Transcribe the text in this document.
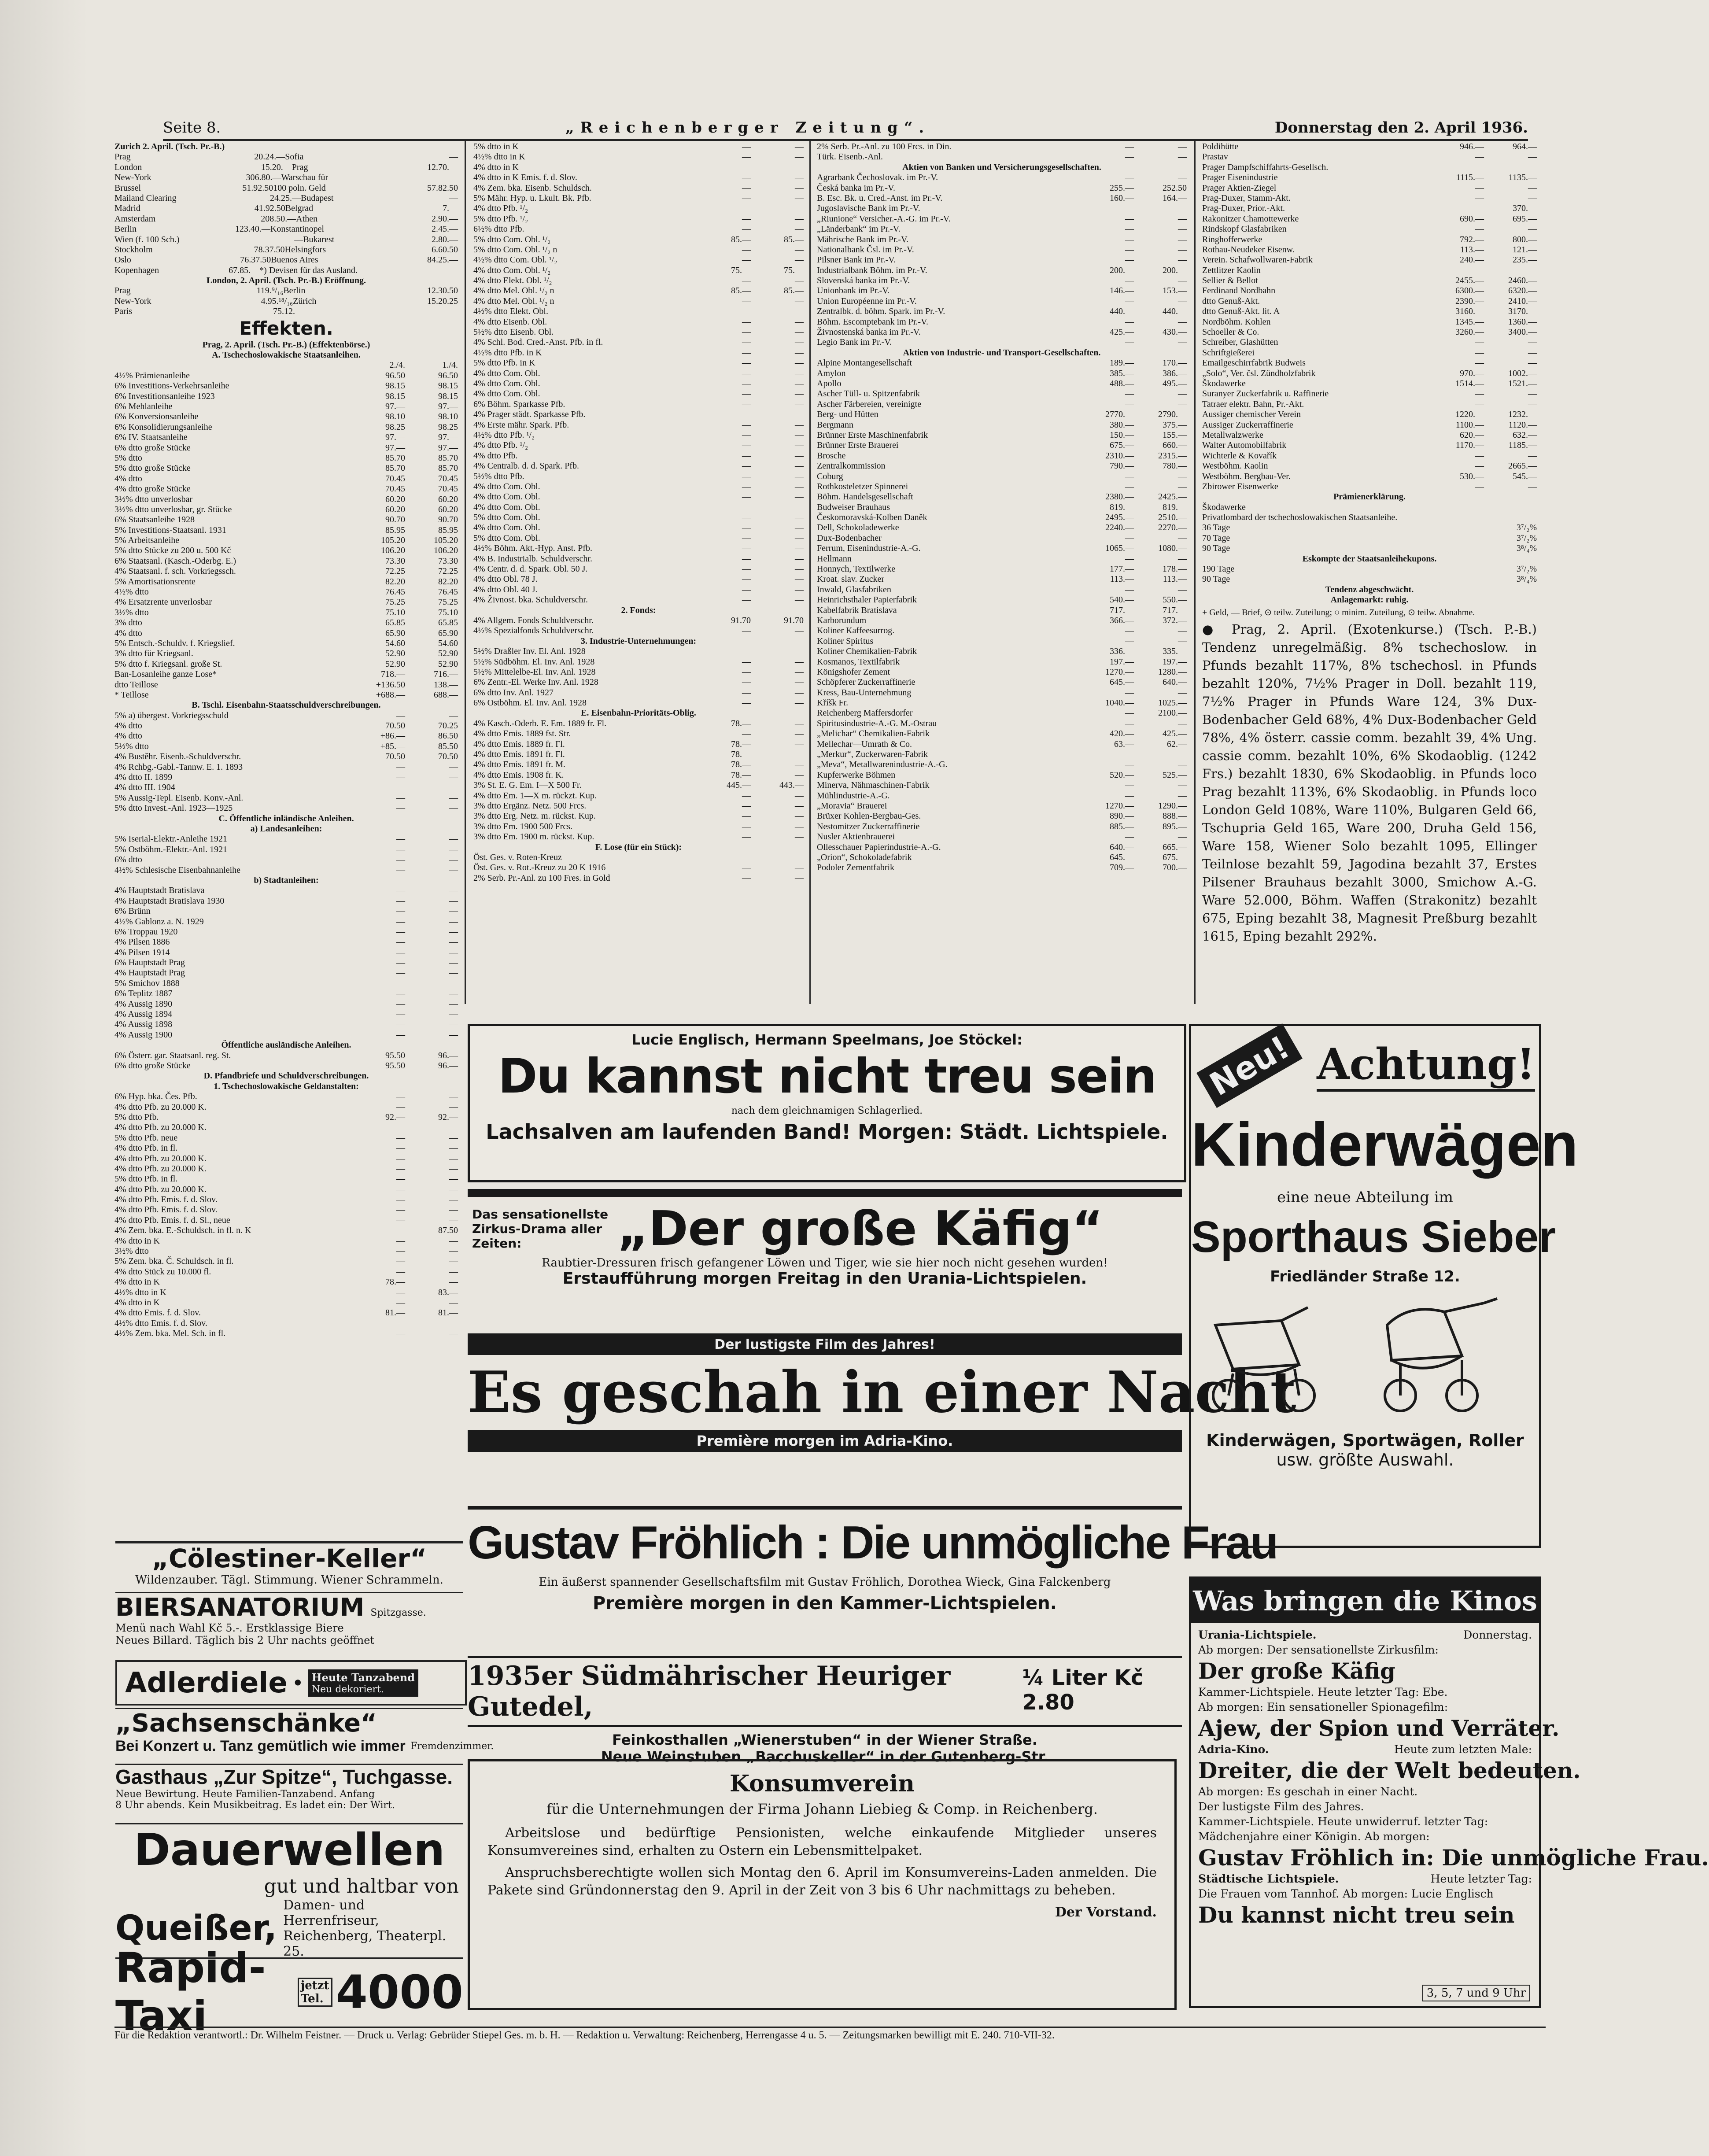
Seite 8.	„Reichenberger Zeitung“.	Donnerstag den 2. April 1936.
Zurich 2. April. (Tsch. Pr.-B.)
Prag	20.24.— Sofia	—
London	15.20.— Prag	12.70.—
New-York	306.80.— Warschau für
Brussel	51.92.50 100 poln. Geld	57.82.50
Mailand Clearing	24.25.— Budapest	—
Madrid	41.92.50 Belgrad	7.—
Amsterdam	208.50.— Athen	2.90.—
Berlin	123.40.— Konstantinopel	2.45.—
Wien (f. 100 Sch.)	— Bukarest	2.80.—
Stockholm	78.37.50 Helsingfors	6.60.50
Oslo	76.37.50 Buenos Aires	84.25.—
Kopenhagen	67.85.— *) Devisen für das Ausland.
London, 2. April. (Tsch. Pr.-B.) Eröffnung.
Prag	119.⁹/₁₆ Berlin	12.30.50
New-York	4.95.¹⁸/₁₆ Zürich	15.20.25
Paris	75.12.
Effekten.
Prag, 2. April. (Tsch. Pr.-B.) (Effektenbörse.)
A. Tschechoslowakische Staatsanleihen.
2./4.	1./4.
4½% Prämienanleihe	96.50	96.50
6% Investitions-Verkehrsanleihe	98.15	98.15
6% Investitionsanleihe 1923	98.15	98.15
6% Mehlanleihe	97.—	97.—
6% Konversionsanleihe	98.10	98.10
6% Konsolidierungsanleihe	98.25	98.25
6% IV. Staatsanleihe	97.—	97.—
6% dtto große Stücke	97.—	97.—
5% dtto	85.70	85.70
5% dtto große Stücke	85.70	85.70
4% dtto	70.45	70.45
4% dtto große Stücke	70.45	70.45
3½% dtto unverlosbar	60.20	60.20
3½% dtto unverlosbar, gr. Stücke	60.20	60.20
6% Staatsanleihe 1928	90.70	90.70
5% Investitions-Staatsanl. 1931	85.95	85.95
5% Arbeitsanleihe	105.20	105.20
5% dtto Stücke zu 200 u. 500 Kč	106.20	106.20
6% Staatsanl. (Kasch.-Oderbg. E.)	73.30	73.30
4% Staatsanl. f. sch. Vorkriegssch.	72.25	72.25
5% Amortisationsrente	82.20	82.20
4½% dtto	76.45	76.45
4% Ersatzrente unverlosbar	75.25	75.25
3½% dtto	75.10	75.10
3% dtto	65.85	65.85
4% dtto	65.90	65.90
5% Entsch.-Schuldv. f. Kriegslief.	54.60	54.60
3% dtto für Kriegsanl.	52.90	52.90
5% dtto f. Kriegsanl. große St.	52.90	52.90
Ban-Losanleihe ganze Lose*	718.—	716.—
dtto Teillose	+136.50	138.—
* Teillose	+688.—	688.—
B. Tschl. Eisenbahn-Staatsschuldverschreibungen.
5% a) übergest. Vorkriegsschuld	—	—
4% dtto	70.50	70.25
4% dtto	+86.—	86.50
5½% dtto	+85.—	85.50
4% Bustěhr. Eisenb.-Schuldverschr.	70.50	70.50
4% Rchbg.-Gabl.-Tannw. E. 1. 1893	—	—
4% dtto II. 1899	—	—
4% dtto III. 1904	—	—
5% Aussig-Tepl. Eisenb. Konv.-Anl.	—	—
5% dtto Invest.-Anl. 1923—1925	—	—
C. Öffentliche inländische Anleihen.
a) Landesanleihen:
5% Iserial-Elektr.-Anleihe 1921	—	—
5% Ostböhm.-Elektr.-Anl. 1921	—	—
6% dtto	—	—
4½% Schlesische Eisenbahnanleihe	—	—
b) Stadtanleihen:
4% Hauptstadt Bratislava	—	—
4% Hauptstadt Bratislava 1930	—	—
6% Brünn	—	—
4½% Gablonz a. N. 1929	—	—
6% Troppau 1920	—	—
4% Pilsen 1886	—	—
4% Pilsen 1914	—	—
6% Hauptstadt Prag	—	—
4% Hauptstadt Prag	—	—
5% Smíchov 1888	—	—
6% Teplitz 1887	—	—
4% Aussig 1890	—	—
4% Aussig 1894	—	—
4% Aussig 1898	—	—
4% Aussig 1900	—	—
Öffentliche ausländische Anleihen.
6% Österr. gar. Staatsanl. reg. St.	95.50	96.—
6% dtto große Stücke	95.50	96.—
D. Pfandbriefe und Schuldverschreibungen.
1. Tschechoslowakische Geldanstalten:
6% Hyp. bka. Čes. Pfb.	—	—
4% dtto Pfb. zu 20.000 K.	—	—
5% dtto Pfb.	92.—	92.—
4% dtto Pfb. zu 20.000 K.	—	—
5% dtto Pfb. neue	—	—
4% dtto Pfb. in fl.	—	—
4% dtto Pfb. zu 20.000 K.	—	—
4% dtto Pfb. zu 20.000 K.	—	—
5% dtto Pfb. in fl.	—	—
4% dtto Pfb. zu 20.000 K.	—	—
4% dtto Pfb. Emis. f. d. Slov.	—	—
4% dtto Pfb. Emis. f. d. Slov.	—	—
4% dtto Pfb. Emis. f. d. Sl., neue	—	—
4% Zem. bka. E.-Schuldsch. in fl. n. K	—	87.50
4% dtto in K	—	—
3½% dtto	—	—
5% Zem. bka. Č. Schuldsch. in fl.	—	—
4% dtto Stück zu 10.000 fl.	—	—
4% dtto in K	78.—	—
4½% dtto in K	—	83.—
4% dtto in K	—	—
4% dtto Emis. f. d. Slov.	81.—	81.—
4½% dtto Emis. f. d. Slov.	—	—
4½% Zem. bka. Mel. Sch. in fl.	—	—
5% dtto in K	—	—
4½% dtto in K	—	—
4% dtto in K	—	—
4% dtto in K Emis. f. d. Slov.	—	—
4% Zem. bka. Eisenb. Schuldsch.	—	—
5% Mähr. Hyp. u. Lkult. Bk. Pfb.	—	—
4% dtto Pfb. ¹/₂	—	—
5% dtto Pfb. ¹/₂	—	—
6½% dtto Pfb.	—	—
5% dtto Com. Obl. ¹/₂	85.—	85.—
5% dtto Com. Obl. ¹/₂ n	—	—
4½% dtto Com. Obl. ¹/₂	—	—
4% dtto Com. Obl. ¹/₂	75.—	75.—
4% dtto Elekt. Obl. ¹/₂	—	—
4% dtto Mel. Obl. ¹/₂ n	85.—	85.—
4% dtto Mel. Obl. ¹/₂ n	—	—
4½% dtto Elekt. Obl.	—	—
4% dtto Eisenb. Obl.	—	—
5½% dtto Eisenb. Obl.	—	—
4% Schl. Bod. Cred.-Anst. Pfb. in fl.	—	—
4½% dtto Pfb. in K	—	—
5% dtto Pfb. in K	—	—
4% dtto Com. Obl.	—	—
4% dtto Com. Obl.	—	—
4% dtto Com. Obl.	—	—
6% Böhm. Sparkasse Pfb.	—	—
4% Prager städt. Sparkasse Pfb.	—	—
4% Erste mähr. Spark. Pfb.	—	—
4½% dtto Pfb. ¹/₂	—	—
4% dtto Pfb. ¹/₂	—	—
4% dtto Pfb.	—	—
4% Centralb. d. d. Spark. Pfb.	—	—
5½% dtto Pfb.	—	—
4% dtto Com. Obl.	—	—
4% dtto Com. Obl.	—	—
4% dtto Com. Obl.	—	—
5% dtto Com. Obl.	—	—
4% dtto Com. Obl.	—	—
5% dtto Com. Obl.	—	—
4½% Böhm. Akt.-Hyp. Anst. Pfb.	—	—
4% B. Industrialb. Schuldverschr.	—	—
4% Centr. d. d. Spark. Obl. 50 J.	—	—
4% dtto Obl. 78 J.	—	—
4% dtto Obl. 40 J.	—	—
4% Živnost. bka. Schuldverschr.	—	—
2. Fonds:
4% Allgem. Fonds Schuldverschr.	91.70	91.70
4½% Spezialfonds Schuldverschr.	—	—
3. Industrie-Unternehmungen:
5½% Draßler Inv. El. Anl. 1928	—	—
5½% Südböhm. El. Inv. Anl. 1928	—	—
5½% Mittelelbe-El. Inv. Anl. 1928	—	—
6% Zentr.-El. Werke Inv. Anl. 1928	—	—
6% dtto Inv. Anl. 1927	—	—
6% Ostböhm. El. Inv. Anl. 1928	—	—
E. Eisenbahn-Prioritäts-Oblig.
4% Kasch.-Oderb. E. Em. 1889 fr. Fl.	78.—	—
4% dtto Emis. 1889 fst. Str.	—	—
4% dtto Emis. 1889 fr. Fl.	78.—	—
4% dtto Emis. 1891 fr. Fl.	78.—	—
4% dtto Emis. 1891 fr. M.	78.—	—
4% dtto Emis. 1908 fr. K.	78.—	—
3% St. E. G. Em. I—X 500 Fr.	445.—	443.—
4% dtto Em. 1—X m. rückzt. Kup.	—	—
3% dtto Ergänz. Netz. 500 Frcs.	—	—
3% dtto Erg. Netz. m. rückst. Kup.	—	—
3% dtto Em. 1900 500 Frcs.	—	—
3% dtto Em. 1900 m. rückst. Kup.	—	—
F. Lose (für ein Stück):
Öst. Ges. v. Roten-Kreuz	—	—
Öst. Ges. v. Rot.-Kreuz zu 20 K 1916	—	—
2% Serb. Pr.-Anl. zu 100 Fres. in Gold	—	—
2% Serb. Pr.-Anl. zu 100 Frcs. in Din.	—	—
Türk. Eisenb.-Anl.	—	—
Aktien von Banken und Versicherungsgesellschaften.
Agrarbank Čechoslovak. im Pr.-V.	—	—
Česká banka im Pr.-V.	255.—	252.50
B. Esc. Bk. u. Cred.-Anst. im Pr.-V.	160.—	164.—
Jugoslavische Bank im Pr.-V.	—	—
„Riunione“ Versicher.-A.-G. im Pr.-V.	—	—
„Länderbank“ im Pr.-V.	—	—
Mährische Bank im Pr.-V.	—	—
Nationalbank Čsl. im Pr.-V.	—	—
Pilsner Bank im Pr.-V.	—	—
Industrialbank Böhm. im Pr.-V.	200.—	200.—
Slovenská banka im Pr.-V.	—	—
Unionbank im Pr.-V.	146.—	153.—
Union Européenne im Pr.-V.	—	—
Zentralbk. d. böhm. Spark. im Pr.-V.	440.—	440.—
Böhm. Escomptebank im Pr.-V.	—	—
Živnostenská banka im Pr.-V.	425.—	430.—
Legio Bank im Pr.-V.	—	—
Aktien von Industrie- und Transport-Gesellschaften.
Alpine Montangesellschaft	189.—	170.—
Amylon	385.—	386.—
Apollo	488.—	495.—
Ascher Tüll- u. Spitzenfabrik	—	—
Ascher Färbereien, vereinigte	—	—
Berg- und Hütten	2770.—	2790.—
Bergmann	380.—	375.—
Brünner Erste Maschinenfabrik	150.—	155.—
Brünner Erste Brauerei	675.—	660.—
Brosche	2310.—	2315.—
Zentralkommission	790.—	780.—
Coburg	—	—
Rothkosteletzer Spinnerei	—	—
Böhm. Handelsgesellschaft	2380.—	2425.—
Budweiser Brauhaus	819.—	819.—
Českomoravská-Kolben Daněk	2495.—	2510.—
Dell, Schokoladewerke	2240.—	2270.—
Dux-Bodenbacher	—	—
Ferrum, Eisenindustrie-A.-G.	1065.—	1080.—
Hellmann	—	—
Honnych, Textilwerke	177.—	178.—
Kroat. slav. Zucker	113.—	113.—
Inwald, Glasfabriken	—	—
Heinrichsthaler Papierfabrik	540.—	550.—
Kabelfabrik Bratislava	717.—	717.—
Karborundum	366.—	372.—
Koliner Kaffeesurrog.	—	—
Koliner Spiritus	—	—
Koliner Chemikalien-Fabrik	336.—	335.—
Kosmanos, Textilfabrik	197.—	197.—
Königshofer Zement	1270.—	1280.—
Schöpferer Zuckerraffinerie	645.—	640.—
Kress, Bau-Unternehmung	—	—
Kříšk Fr.	1040.—	1025.—
Reichenberg Maffersdorfer	—	2100.—
Spiritusindustrie-A.-G. M.-Ostrau	—	—
„Melichar“ Chemikalien-Fabrik	420.—	425.—
Mellechar—Umrath & Co.	63.—	62.—
„Merkur“, Zuckerwaren-Fabrik	—	—
„Meva“, Metallwarenindustrie-A.-G.	—	—
Kupferwerke Böhmen	520.—	525.—
Minerva, Nähmaschinen-Fabrik	—	—
Mühlindustrie-A.-G.	—	—
„Moravia“ Brauerei	1270.—	1290.—
Brüxer Kohlen-Bergbau-Ges.	890.—	888.—
Nestomitzer Zuckerraffinerie	885.—	895.—
Nusler Aktienbrauerei	—	—
Ollesschauer Papierindustrie-A.-G.	640.—	665.—
„Orion“, Schokoladefabrik	645.—	675.—
Podoler Zementfabrik	709.—	700.—
Poldihütte	946.—	964.—
Prastav	—	—
Prager Dampfschiffahrts-Gesellsch.	—	—
Prager Eisenindustrie	1115.—	1135.—
Prager Aktien-Ziegel	—	—
Prag-Duxer, Stamm-Akt.	—	—
Prag-Duxer, Prior.-Akt.	—	370.—
Rakonitzer Chamottewerke	690.—	695.—
Rindskopf Glasfabriken	—	—
Ringhofferwerke	792.—	800.—
Rothau-Neudeker Eisenw.	113.—	121.—
Verein. Schafwollwaren-Fabrik	240.—	235.—
Zettlitzer Kaolin	—	—
Sellier & Bellot	2455.—	2460.—
Ferdinand Nordbahn	6300.—	6320.—
dtto Genuß-Akt.	2390.—	2410.—
dtto Genuß-Akt. lit. A	3160.—	3170.—
Nordböhm. Kohlen	1345.—	1360.—
Schoeller & Co.	3260.—	3400.—
Schreiber, Glashütten	—	—
Schriftgießerei	—	—
Emailgeschirrfabrik Budweis	—	—
„Solo“, Ver. čsl. Zündholzfabrik	970.—	1002.—
Škodawerke	1514.—	1521.—
Suranyer Zuckerfabrik u. Raffinerie	—	—
Tatraer elektr. Bahn, Pr.-Akt.	—	—
Aussiger chemischer Verein	1220.—	1232.—
Aussiger Zuckerraffinerie	1100.—	1120.—
Metallwalzwerke	620.—	632.—
Walter Automobilfabrik	1170.—	1185.—
Wichterle & Kovařík	—	—
Westböhm. Kaolin	—	2665.—
Westböhm. Bergbau-Ver.	530.—	545.—
Zbirower Eisenwerke	—	—
Prämienerklärung.
Škodawerke
Privatlombard der tschechoslowakischen Staatsanleihe.
36 Tage	3⁷/₂%
70 Tage	3⁷/₂%
90 Tage	3⁸/₄%
Eskompte der Staatsanleihekupons.
190 Tage	3⁷/₂%
90 Tage	3⁸/₄%
Tendenz abgeschwächt.
Anlagemarkt: ruhig.
+ Geld, — Brief, ⊙ teilw. Zuteilung; ○ minim. Zuteilung, ⊙ teilw. Abnahme.
● Prag, 2. April. (Exotenkurse.) (Tsch. P.-B.) Tendenz unregelmäßig. 8% tschechoslow. in Pfunds bezahlt 117%, 8% tschechosl. in Pfunds bezahlt 120%, 7½% Prager in Doll. bezahlt 119, 7½% Prager in Pfunds Ware 124, 3% Dux-Bodenbacher Geld 68%, 4% Dux-Bodenbacher Geld 78%, 4% österr. cassie comm. bezahlt 39, 4% Ung. cassie comm. bezahlt 10%, 6% Skodaoblig. (1242 Frs.) bezahlt 1830, 6% Skodaoblig. in Pfunds loco Prag bezahlt 113%, 6% Skodaoblig. in Pfunds loco London Geld 108%, Ware 110%, Bulgaren Geld 66, Tschupria Geld 165, Ware 200, Druha Geld 156, Ware 158, Wiener Solo bezahlt 1095, Ellinger Teilnlose bezahlt 59, Jagodina bezahlt 37, Erstes Pilsener Brauhaus bezahlt 3000, Smichow A.-G. Ware 52.000, Böhm. Waffen (Strakonitz) bezahlt 675, Eping bezahlt 38, Magnesit Preßburg bezahlt 1615, Eping bezahlt 292%.
„Cölestiner-Keller“
Wildenzauber. Tägl. Stimmung. Wiener Schrammeln.
BIERSANATORIUM Spitzgasse.
Menü nach Wahl Kč 5.-. Erstklassige Biere
Neues Billard. Täglich bis 2 Uhr nachts geöffnet
Adlerdiele • Heute Tanzabend
Neu dekoriert.
„Sachsenschänke“
Bei Konzert u. Tanz gemütlich wie immer Fremdenzimmer.
Gasthaus „Zur Spitze“, Tuchgasse.
Neue Bewirtung. Heute Familien-Tanzabend. Anfang
8 Uhr abends. Kein Musikbeitrag. Es ladet ein: Der Wirt.
Dauerwellen
gut und haltbar von
Queißer,
Damen- und Herrenfriseur,
Reichenberg, Theaterpl. 25.
Rapid-Taxi
jetzt
Tel. 4000
Lucie Englisch, Hermann Speelmans, Joe Stöckel:
Du kannst nicht treu sein
nach dem gleichnamigen Schlagerlied.
Lachsalven am laufenden Band! Morgen: Städt. Lichtspiele.
Das sensationellste
Zirkus-Drama aller
Zeiten:	„Der große Käfig“
Raubtier-Dressuren frisch gefangener Löwen und Tiger, wie sie hier noch nicht gesehen wurden!
Erstaufführung morgen Freitag in den Urania-Lichtspielen.
Der lustigste Film des Jahres!
Es geschah in einer Nacht
Première morgen im Adria-Kino.
Gustav Fröhlich : Die unmögliche Frau
Ein äußerst spannender Gesellschaftsfilm mit Gustav Fröhlich, Dorothea Wieck, Gina Falckenberg
Première morgen in den Kammer-Lichtspielen.
1935er Südmährischer Heuriger Gutedel,
¼ Liter Kč 2.80
Feinkosthallen „Wienerstuben“ in der Wiener Straße.
Neue Weinstuben „Bacchuskeller“ in der Gutenberg-Str.
Konsumverein
für die Unternehmungen der Firma Johann Liebieg & Comp. in Reichenberg.

Arbeitslose und bedürftige Pensionisten, welche einkaufende Mitglieder unseres Konsumvereines sind, erhalten zu Ostern ein Lebensmittelpaket.

Anspruchsberechtigte wollen sich Montag den 6. April im Konsumvereins-Laden anmelden. Die Pakete sind Gründonnerstag den 9. April in der Zeit von 3 bis 6 Uhr nachmittags zu beheben.

Der Vorstand.

Neu! Achtung!
Kinderwägen
eine neue Abteilung im
Sporthaus Sieber
Friedländer Straße 12.
Kinderwägen, Sportwägen, Roller
usw. größte Auswahl.
Was bringen die Kinos
Urania-Lichtspiele.	Donnerstag.
Ab morgen: Der sensationellste Zirkusfilm:
Der große Käfig
Kammer-Lichtspiele. Heute letzter Tag: Ebe.
Ab morgen: Ein sensationeller Spionagefilm:
Ajew, der Spion und Verräter.
Adria-Kino.	Heute zum letzten Male:
Dreiter, die der Welt bedeuten.
Ab morgen: Es geschah in einer Nacht.
Der lustigste Film des Jahres.
Kammer-Lichtspiele. Heute unwiderruf. letzter Tag:
Mädchenjahre einer Königin. Ab morgen:
Gustav Fröhlich in: Die unmögliche Frau.
Städtische Lichtspiele.	Heute letzter Tag:
Die Frauen vom Tannhof. Ab morgen: Lucie Englisch
Du kannst nicht treu sein
3, 5, 7 und 9 Uhr
Für die Redaktion verantwortl.: Dr. Wilhelm Feistner. — Druck u. Verlag: Gebrüder Stiepel Ges. m. b. H. — Redaktion u. Verwaltung: Reichenberg, Herrengasse 4 u. 5. — Zeitungsmarken bewilligt mit E. 240. 710-VII-32.
